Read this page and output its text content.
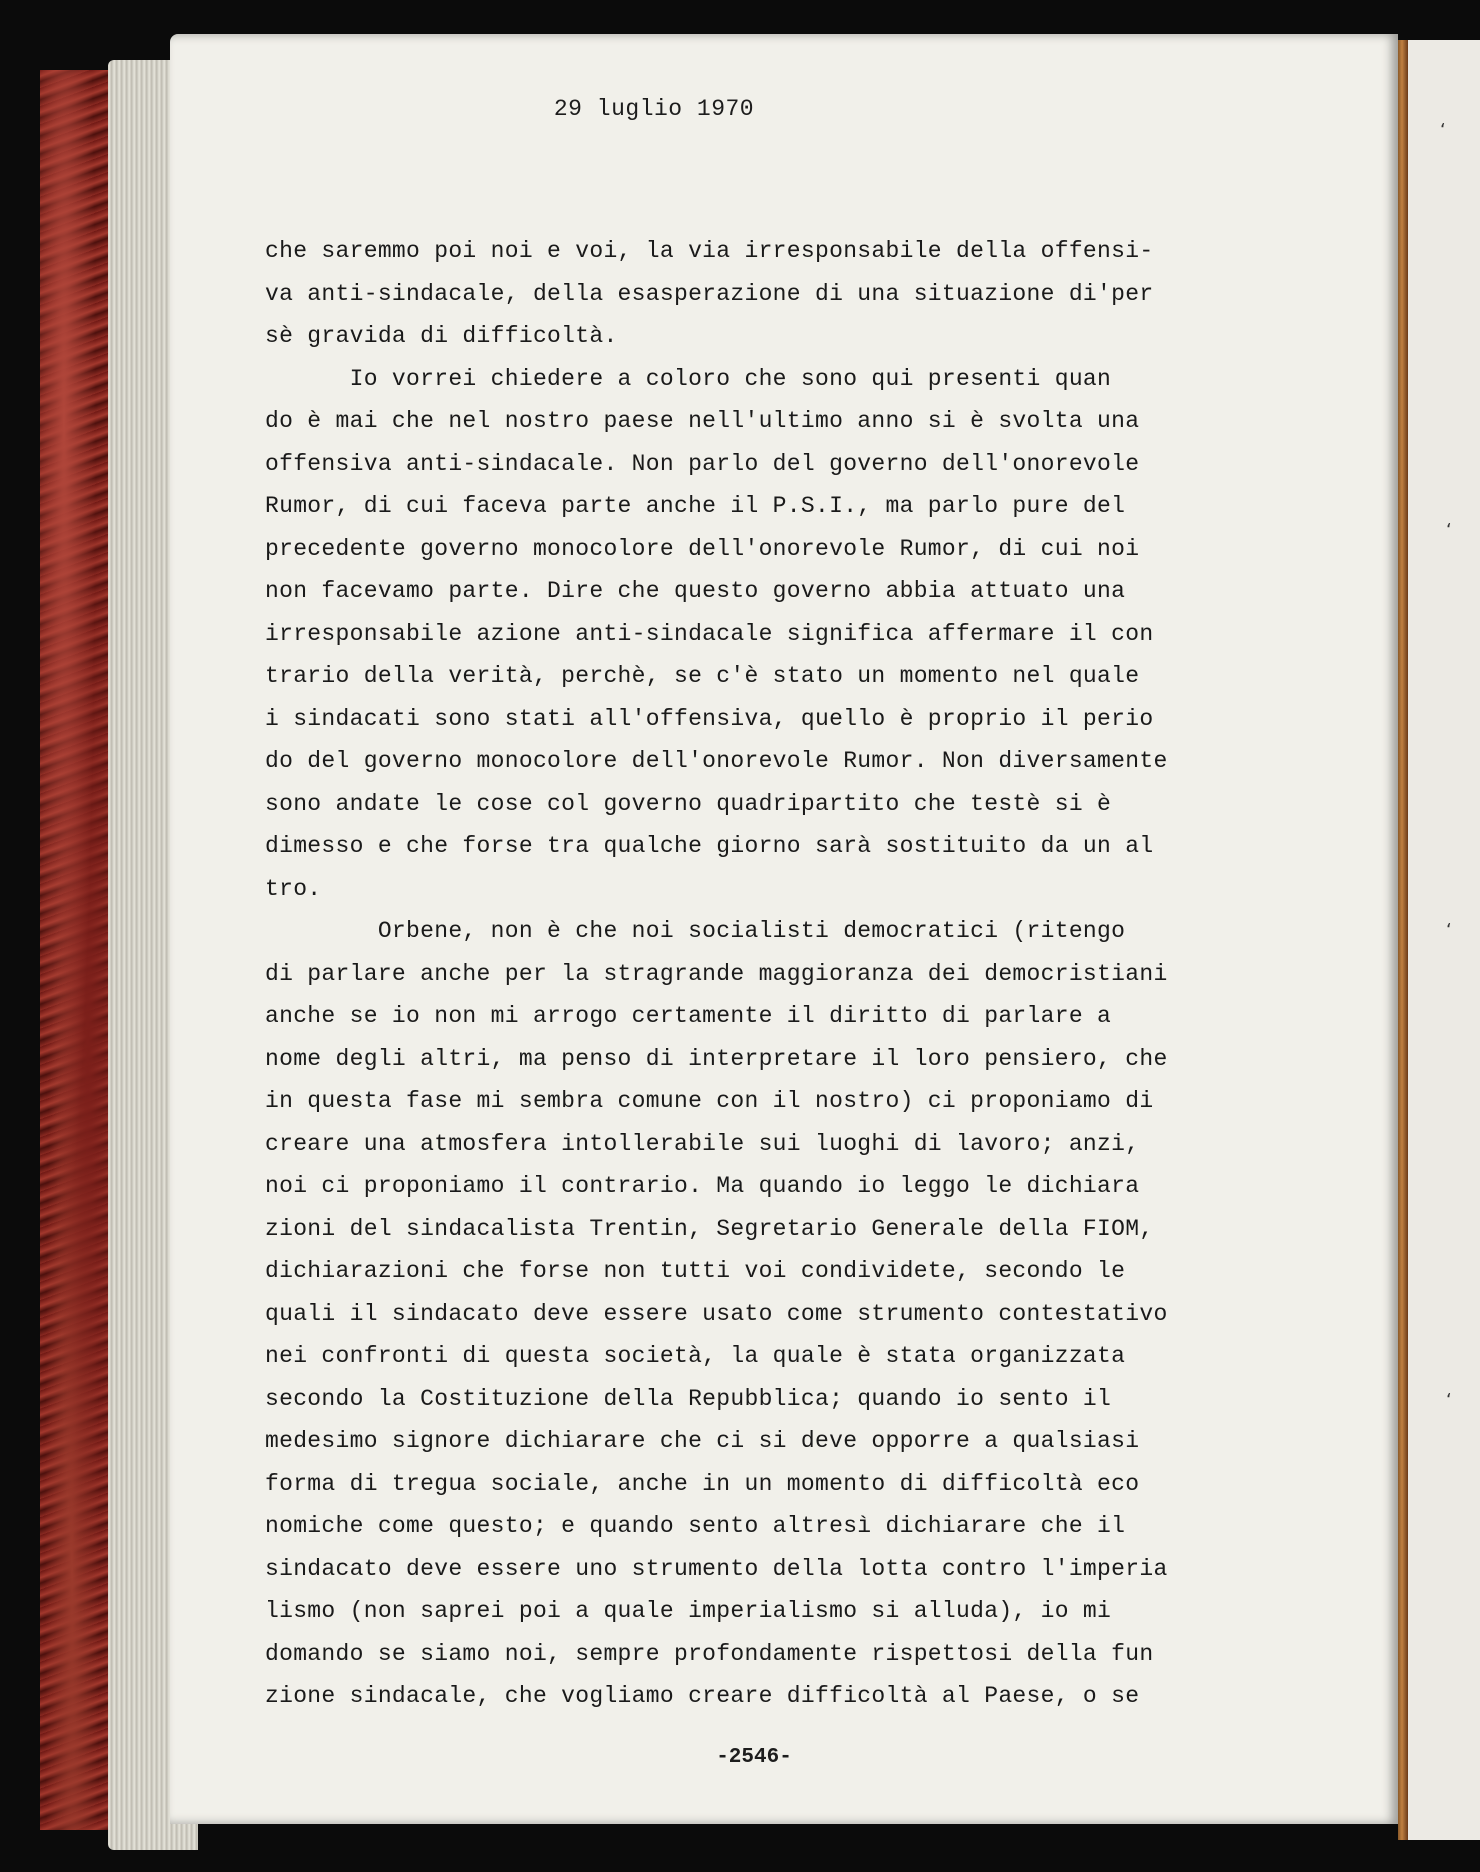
‘
‘
‘
‘
29 luglio 1970
che saremmo poi noi e voi, la via irresponsabile della offensi-
va anti-sindacale, della esasperazione di una situazione di'per
sè gravida di difficoltà.
Io vorrei chiedere a coloro che sono qui presenti quan
do è mai che nel nostro paese nell'ultimo anno si è svolta una
offensiva anti-sindacale. Non parlo del governo dell'onorevole
Rumor, di cui faceva parte anche il P.S.I., ma parlo pure del
precedente governo monocolore dell'onorevole Rumor, di cui noi
non facevamo parte. Dire che questo governo abbia attuato una
irresponsabile azione anti-sindacale significa affermare il con
trario della verità, perchè, se c'è stato un momento nel quale
i sindacati sono stati all'offensiva, quello è proprio il perio
do del governo monocolore dell'onorevole Rumor. Non diversamente
sono andate le cose col governo quadripartito che testè si è
dimesso e che forse tra qualche giorno sarà sostituito da un al
tro.
Orbene, non è che noi socialisti democratici (ritengo
di parlare anche per la stragrande maggioranza dei democristiani
anche se io non mi arrogo certamente il diritto di parlare a
nome degli altri, ma penso di interpretare il loro pensiero, che
in questa fase mi sembra comune con il nostro) ci proponiamo di
creare una atmosfera intollerabile sui luoghi di lavoro; anzi,
noi ci proponiamo il contrario. Ma quando io leggo le dichiara
zioni del sindacalista Trentin, Segretario Generale della FIOM,
dichiarazioni che forse non tutti voi condividete, secondo le
quali il sindacato deve essere usato come strumento contestativo
nei confronti di questa società, la quale è stata organizzata
secondo la Costituzione della Repubblica; quando io sento il
medesimo signore dichiarare che ci si deve opporre a qualsiasi
forma di tregua sociale, anche in un momento di difficoltà eco
nomiche come questo; e quando sento altresì dichiarare che il
sindacato deve essere uno strumento della lotta contro l'imperia
lismo (non saprei poi a quale imperialismo si alluda), io mi
domando se siamo noi, sempre profondamente rispettosi della fun
zione sindacale, che vogliamo creare difficoltà al Paese, o se
-2546-
